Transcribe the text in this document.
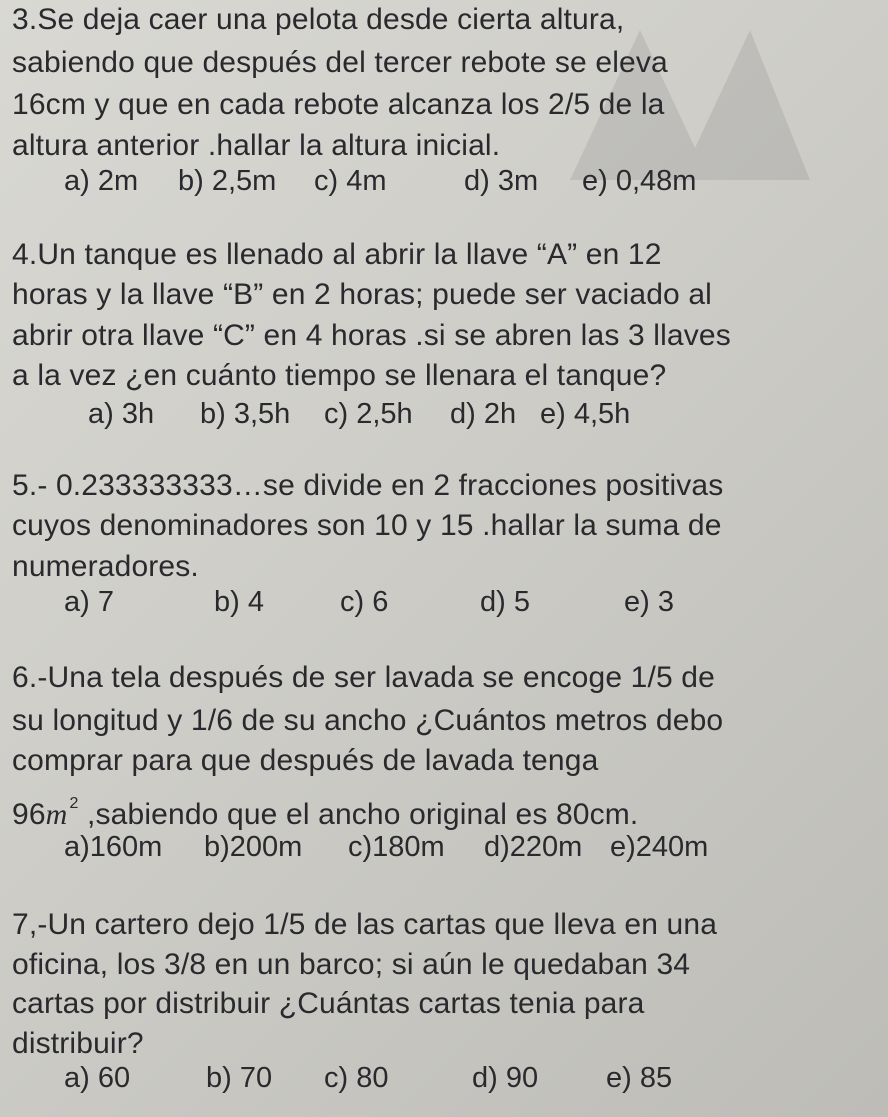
3.Se deja caer una pelota desde cierta altura,
sabiendo que después del tercer rebote se eleva
16cm y que en cada rebote alcanza los 2/5 de la
altura anterior .hallar la altura inicial.
a) 2m b) 2,5m c) 4m	d) 3m e) 0,48m
4.Un tanque es llenado al abrir la llave “A” en 12
horas y la llave “B” en 2 horas; puede ser vaciado al
abrir otra llave “C” en 4 horas .si se abren las 3 llaves
a la vez ¿en cuánto tiempo se llenara el tanque?
a) 3h b) 3,5h c) 2,5h d) 2h e) 4,5h
5.- 0.233333333…se divide en 2 fracciones positivas
cuyos denominadores son 10 y 15 .hallar la suma de
numeradores.
a) 7	b) 4	c) 6	d) 5	e) 3
6.-Una tela después de ser lavada se encoge 1/5 de
su longitud y 1/6 de su ancho ¿Cuántos metros debo
comprar para que después de lavada tenga
96m $^2$ ,sabiendo que el ancho original es 80cm.
a)160m b)200m c)180m d)220m e)240m
7,-Un cartero dejo 1/5 de las cartas que lleva en una
oficina, los 3/8 en un barco; si aún le quedaban 34
cartas por distribuir ¿Cuántas cartas tenia para
distribuir?
a) 60	b) 70 c) 80	d) 90 e) 85
